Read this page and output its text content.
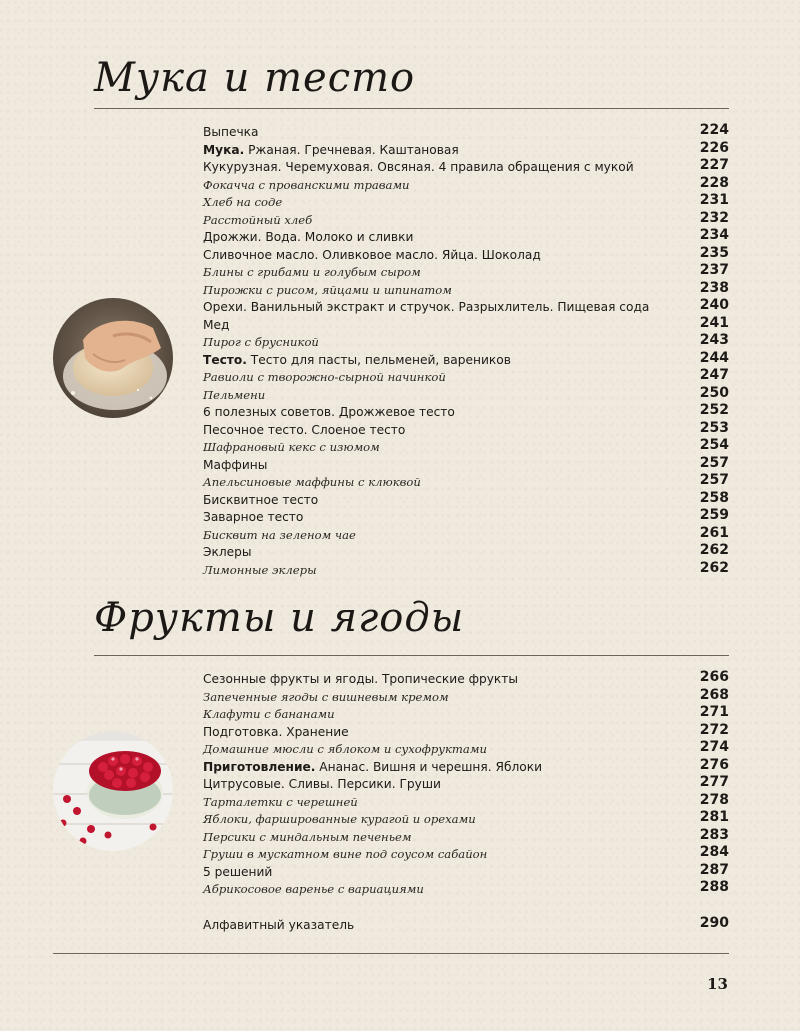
Мука и тесто
Выпечка	224
Мука. Ржаная. Гречневая. Каштановая	226
Кукурузная. Черемуховая. Овсяная. 4 правила обращения с мукой	227
Фокачча с прованскими травами	228
Хлеб на соде	231
Расстойный хлеб	232
Дрожжи. Вода. Молоко и сливки	234
Сливочное масло. Оливковое масло. Яйца. Шоколад	235
Блины с грибами и голубым сыром	237
Пирожки с рисом, яйцами и шпинатом	238
Орехи. Ванильный экстракт и стручок. Разрыхлитель. Пищевая сода	240
Мед	241
Пирог с брусникой	243
Тесто. Тесто для пасты, пельменей, вареников	244
Равиоли с творожно-сырной начинкой	247
Пельмени	250
6 полезных советов. Дрожжевое тесто	252
Песочное тесто. Слоеное тесто	253
Шафрановый кекс с изюмом	254
Маффины	257
Апельсиновые маффины с клюквой	257
Бисквитное тесто	258
Заварное тесто	259
Бисквит на зеленом чае	261
Эклеры	262
Лимонные эклеры	262
Фрукты и ягоды
Сезонные фрукты и ягоды. Тропические фрукты	266
Запеченные ягоды с вишневым кремом	268
Клафути с бананами	271
Подготовка. Хранение	272
Домашние мюсли с яблоком и сухофруктами	274
Приготовление. Ананас. Вишня и черешня. Яблоки	276
Цитрусовые. Сливы. Персики. Груши	277
Тарталетки с черешней	278
Яблоки, фаршированные курагой и орехами	281
Персики с миндальным печеньем	283
Груши в мускатном вине под соусом сабайон	284
5 решений	287
Абрикосовое варенье с вариациями	288
Алфавитный указатель	290
13
